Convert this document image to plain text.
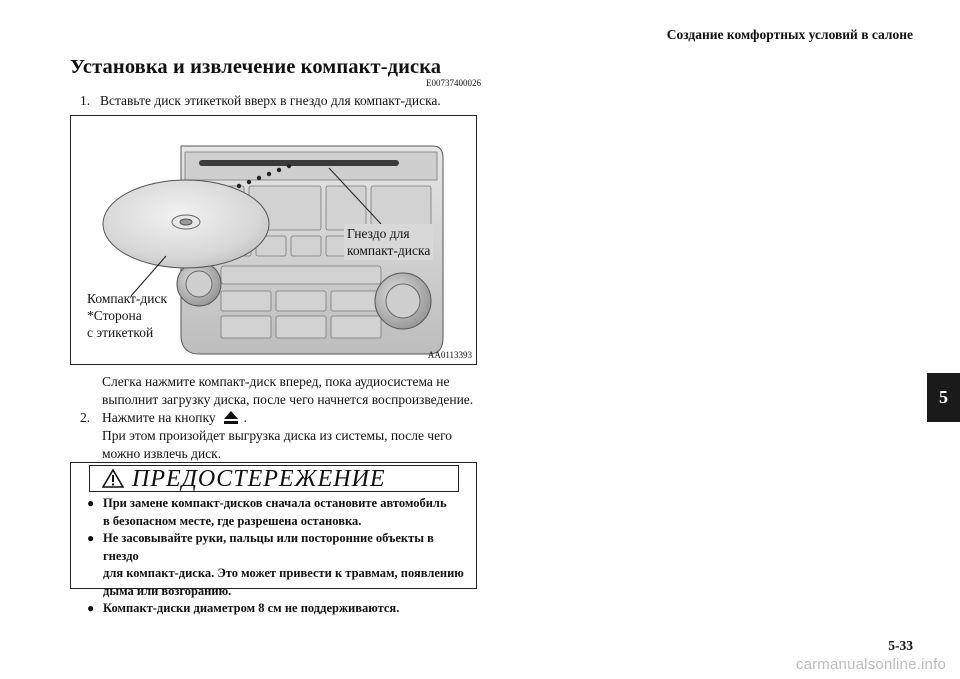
Создание комфортных условий в салоне
Установка и извлечение компакт-диска
E00737400026
1. Вставьте диск этикеткой вверх в гнездо для компакт-диска.
Гнездо для
компакт-диска
Компакт-диск
*Сторона
с этикеткой
AA0113393
Слегка нажмите компакт-диск вперед, пока аудиосистема не
выполнит загрузку диска, после чего начнется воспроизведение.
2. Нажмите на кнопку .
При этом произойдет выгрузка диска из системы, после чего
можно извлечь диск.
ПРЕДОСТЕРЕЖЕНИЕ
● При замене компакт-дисков сначала остановите автомобиль
в безопасном месте, где разрешена остановка.
● Не засовывайте руки, пальцы или посторонние объекты в гнездо
для компакт-диска. Это может привести к травмам, появлению
дыма или возгоранию.
● Компакт-диски диаметром 8 см не поддерживаются.
5
5-33
carmanualsonline.info
